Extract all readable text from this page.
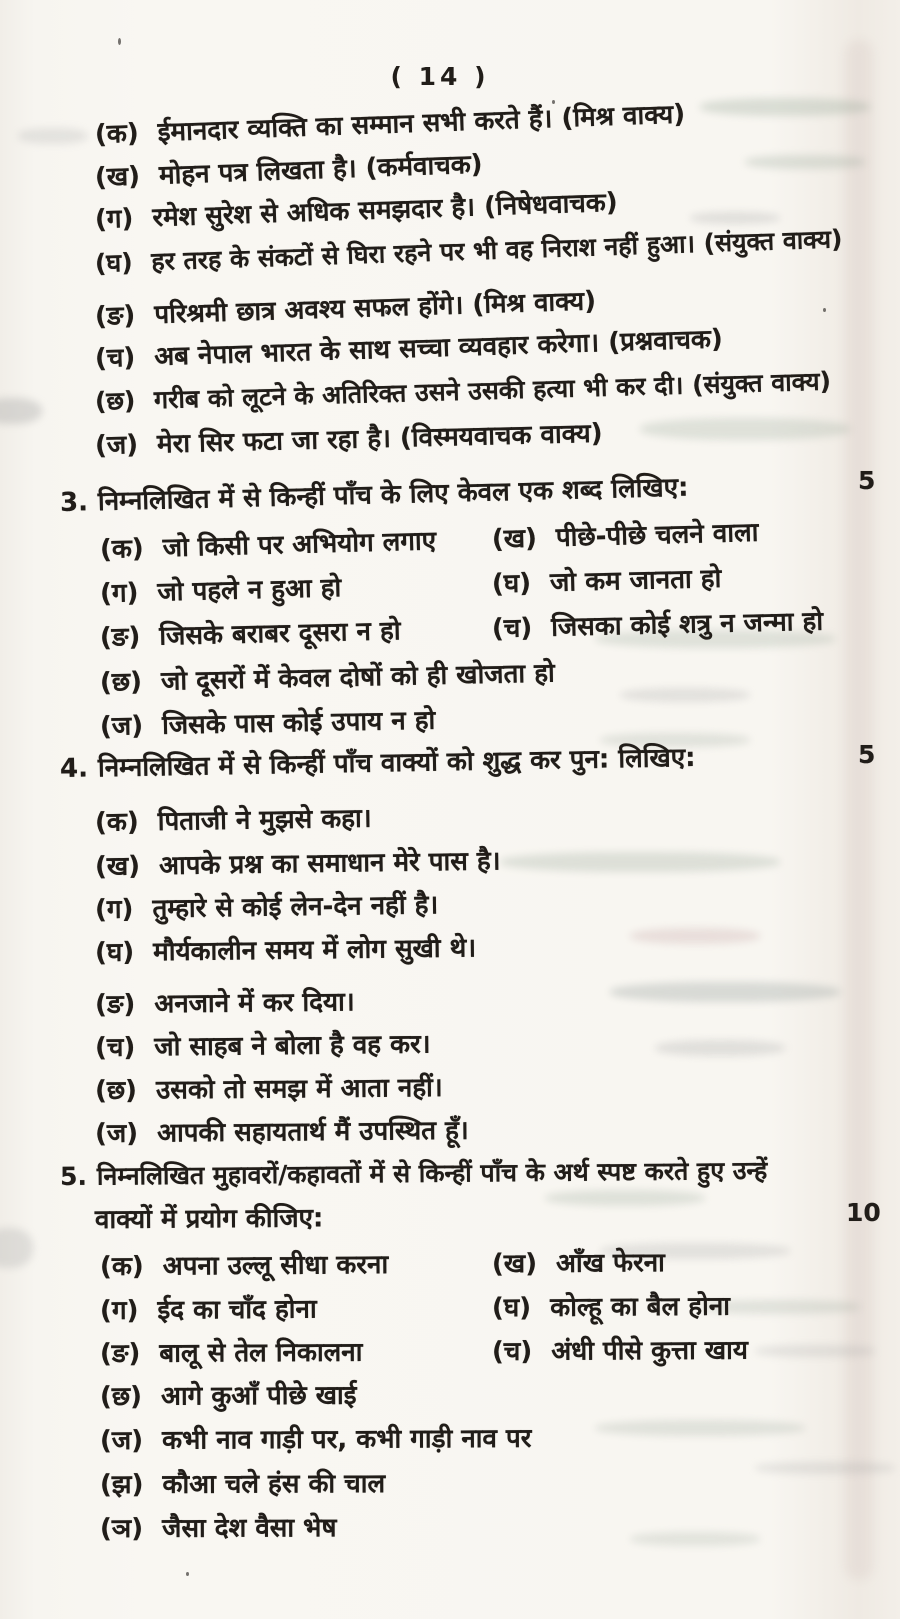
( 14 )
(क) ईमानदार व्यक्ति का सम्मान सभी करते हैं। (मिश्र वाक्य)
(ख) मोहन पत्र लिखता है। (कर्मवाचक)
(ग) रमेश सुरेश से अधिक समझदार है। (निषेधवाचक)
(घ) हर तरह के संकटों से घिरा रहने पर भी वह निराश नहीं हुआ। (संयुक्त वाक्य)
(ङ) परिश्रमी छात्र अवश्य सफल होंगे। (मिश्र वाक्य)
(च) अब नेपाल भारत के साथ सच्चा व्यवहार करेगा। (प्रश्नवाचक)
(छ) गरीब को लूटने के अतिरिक्त उसने उसकी हत्या भी कर दी। (संयुक्त वाक्य)
(ज) मेरा सिर फटा जा रहा है। (विस्मयवाचक वाक्य)
3. निम्नलिखित में से किन्हीं पाँच के लिए केवल एक शब्द लिखिए:	5
(क) जो किसी पर अभियोग लगाए (ख) पीछे-पीछे चलने वाला
(ग) जो पहले न हुआ हो	(घ) जो कम जानता हो
(ङ) जिसके बराबर दूसरा न हो	(च) जिसका कोई शत्रु न जन्मा हो
(छ) जो दूसरों में केवल दोषों को ही खोजता हो
(ज) जिसके पास कोई उपाय न हो
4. निम्नलिखित में से किन्हीं पाँच वाक्यों को शुद्ध कर पुन: लिखिए:	5
(क) पिताजी ने मुझसे कहा।
(ख) आपके प्रश्न का समाधान मेरे पास है।
(ग) तुम्हारे से कोई लेन-देन नहीं है।
(घ) मौर्यकालीन समय में लोग सुखी थे।
(ङ) अनजाने में कर दिया।
(च) जो साहब ने बोला है वह कर।
(छ) उसको तो समझ में आता नहीं।
(ज) आपकी सहायतार्थ मैं उपस्थित हूँ।
5. निम्नलिखित मुहावरों/कहावतों में से किन्हीं पाँच के अर्थ स्पष्ट करते हुए उन्हें
वाक्यों में प्रयोग कीजिए:	10
(क) अपना उल्लू सीधा करना	(ख) आँख फेरना
(ग) ईद का चाँद होना	(घ) कोल्हू का बैल होना
(ङ) बालू से तेल निकालना	(च) अंधी पीसे कुत्ता खाय
(छ) आगे कुआँ पीछे खाई
(ज) कभी नाव गाड़ी पर, कभी गाड़ी नाव पर
(झ) कौआ चले हंस की चाल
(ञ) जैसा देश वैसा भेष
